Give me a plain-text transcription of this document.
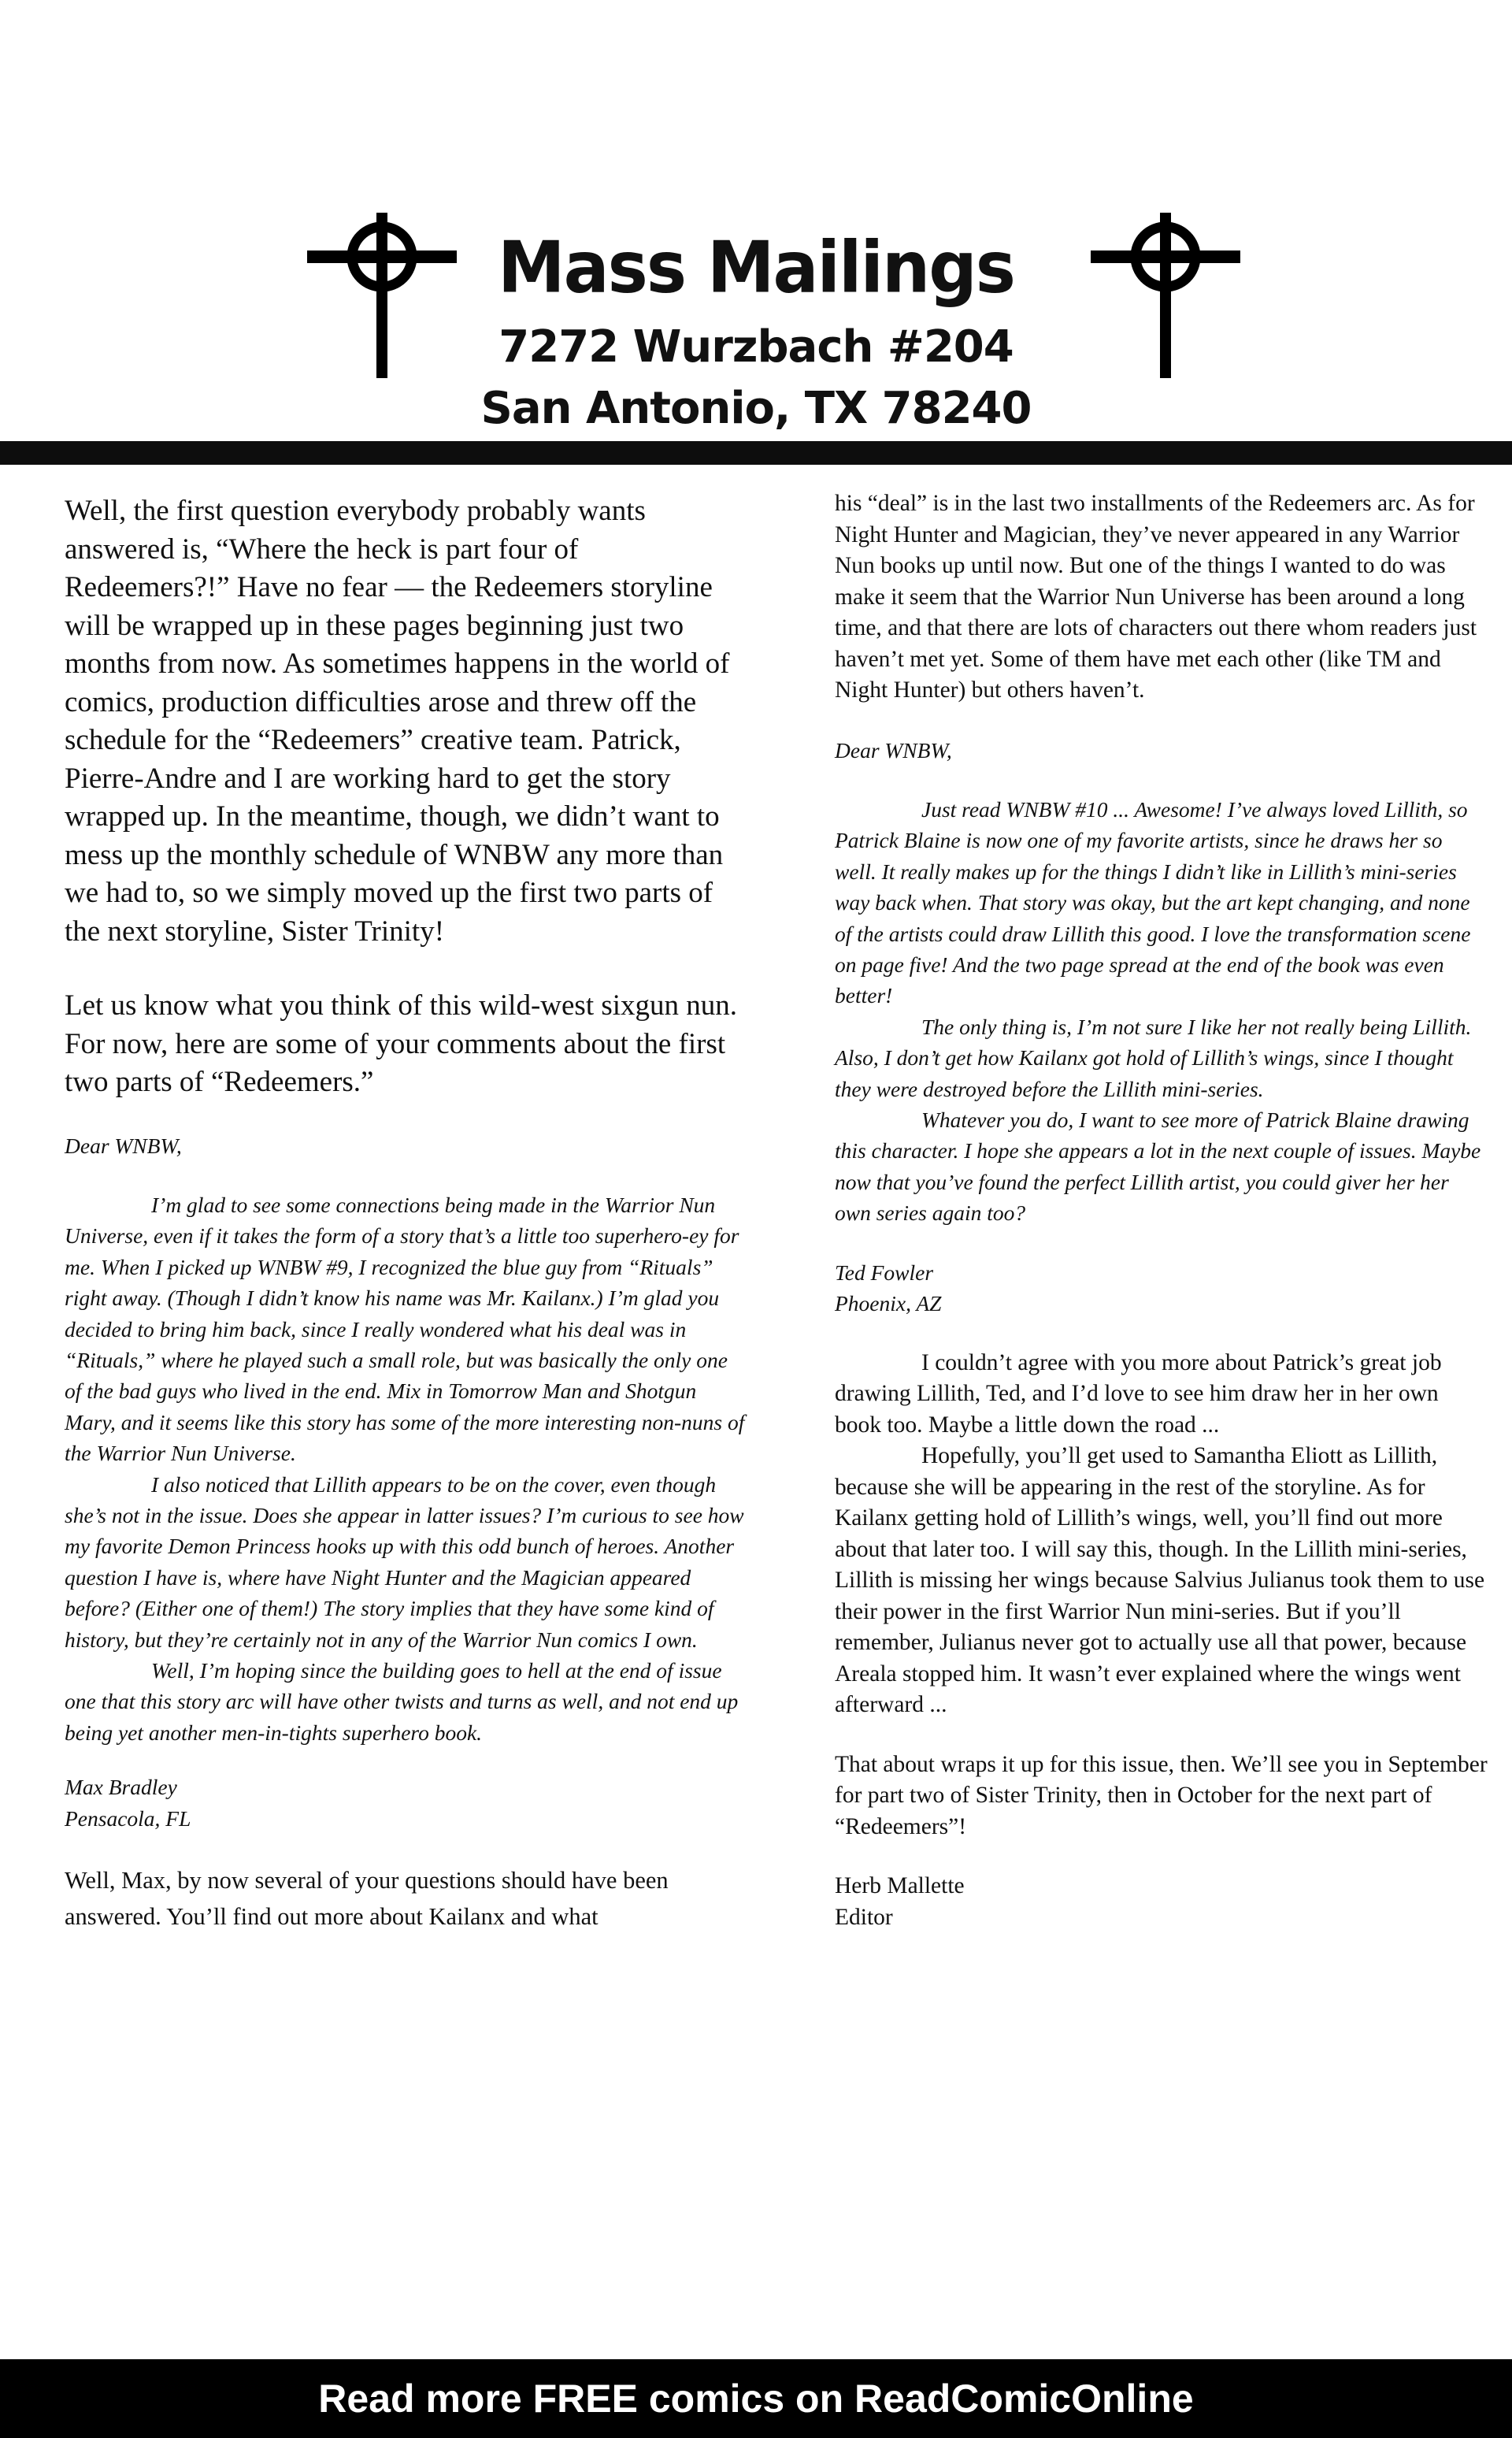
Mass Mailings
7272 Wurzbach #204
San Antonio, TX 78240

Well, the first question everybody probably wants answered is, “Where the heck is part four of Redeemers?!” Have no fear — the Redeemers storyline will be wrapped up in these pages beginning just two months from now. As sometimes happens in the world of comics, production difficulties arose and threw off the schedule for the “Redeemers” creative team. Patrick, Pierre-Andre and I are working hard to get the story wrapped up. In the meantime, though, we didn’t want to mess up the monthly schedule of WNBW any more than we had to, so we simply moved up the first two parts of the next storyline, Sister Trinity!

Let us know what you think of this wild-west sixgun nun. For now, here are some of your comments about the first two parts of “Redeemers.”

Dear WNBW,

I’m glad to see some connections being made in the Warrior Nun Universe, even if it takes the form of a story that’s a little too superhero-ey for me. When I picked up WNBW #9, I recognized the blue guy from “Rituals” right away. (Though I didn’t know his name was Mr. Kailanx.) I’m glad you decided to bring him back, since I really wondered what his deal was in “Rituals,” where he played such a small role, but was basically the only one of the bad guys who lived in the end. Mix in Tomorrow Man and Shotgun Mary, and it seems like this story has some of the more interesting non-nuns of the Warrior Nun Universe.

I also noticed that Lillith appears to be on the cover, even though she’s not in the issue. Does she appear in latter issues? I’m curious to see how my favorite Demon Princess hooks up with this odd bunch of heroes. Another question I have is, where have Night Hunter and the Magician appeared before? (Either one of them!) The story implies that they have some kind of history, but they’re certainly not in any of the Warrior Nun comics I own.

Well, I’m hoping since the building goes to hell at the end of issue one that this story arc will have other twists and turns as well, and not end up being yet another men-in-tights superhero book.

Max Bradley

Pensacola, FL

Well, Max, by now several of your questions should have been answered. You’ll find out more about Kailanx and what

his “deal” is in the last two installments of the Redeemers arc. As for Night Hunter and Magician, they’ve never appeared in any Warrior Nun books up until now. But one of the things I wanted to do was make it seem that the Warrior Nun Universe has been around a long time, and that there are lots of characters out there whom readers just haven’t met yet. Some of them have met each other (like TM and Night Hunter) but others haven’t.

Dear WNBW,

Just read WNBW #10 ... Awesome! I’ve always loved Lillith, so Patrick Blaine is now one of my favorite artists, since he draws her so well. It really makes up for the things I didn’t like in Lillith’s mini-series way back when. That story was okay, but the art kept changing, and none of the artists could draw Lillith this good. I love the transformation scene on page five! And the two page spread at the end of the book was even better!

The only thing is, I’m not sure I like her not really being Lillith. Also, I don’t get how Kailanx got hold of Lillith’s wings, since I thought they were destroyed before the Lillith mini-series.

Whatever you do, I want to see more of Patrick Blaine drawing this character. I hope she appears a lot in the next couple of issues. Maybe now that you’ve found the perfect Lillith artist, you could giver her her own series again too?

Ted Fowler

Phoenix, AZ

I couldn’t agree with you more about Patrick’s great job drawing Lillith, Ted, and I’d love to see him draw her in her own book too. Maybe a little down the road ...

Hopefully, you’ll get used to Samantha Eliott as Lillith, because she will be appearing in the rest of the storyline. As for Kailanx getting hold of Lillith’s wings, well, you’ll find out more about that later too. I will say this, though. In the Lillith mini-series, Lillith is missing her wings because Salvius Julianus took them to use their power in the first Warrior Nun mini-series. But if you’ll remember, Julianus never got to actually use all that power, because Areala stopped him. It wasn’t ever explained where the wings went afterward ...

That about wraps it up for this issue, then. We’ll see you in September for part two of Sister Trinity, then in October for the next part of “Redeemers”!

Herb Mallette

Editor

Read more FREE comics on ReadComicOnline
